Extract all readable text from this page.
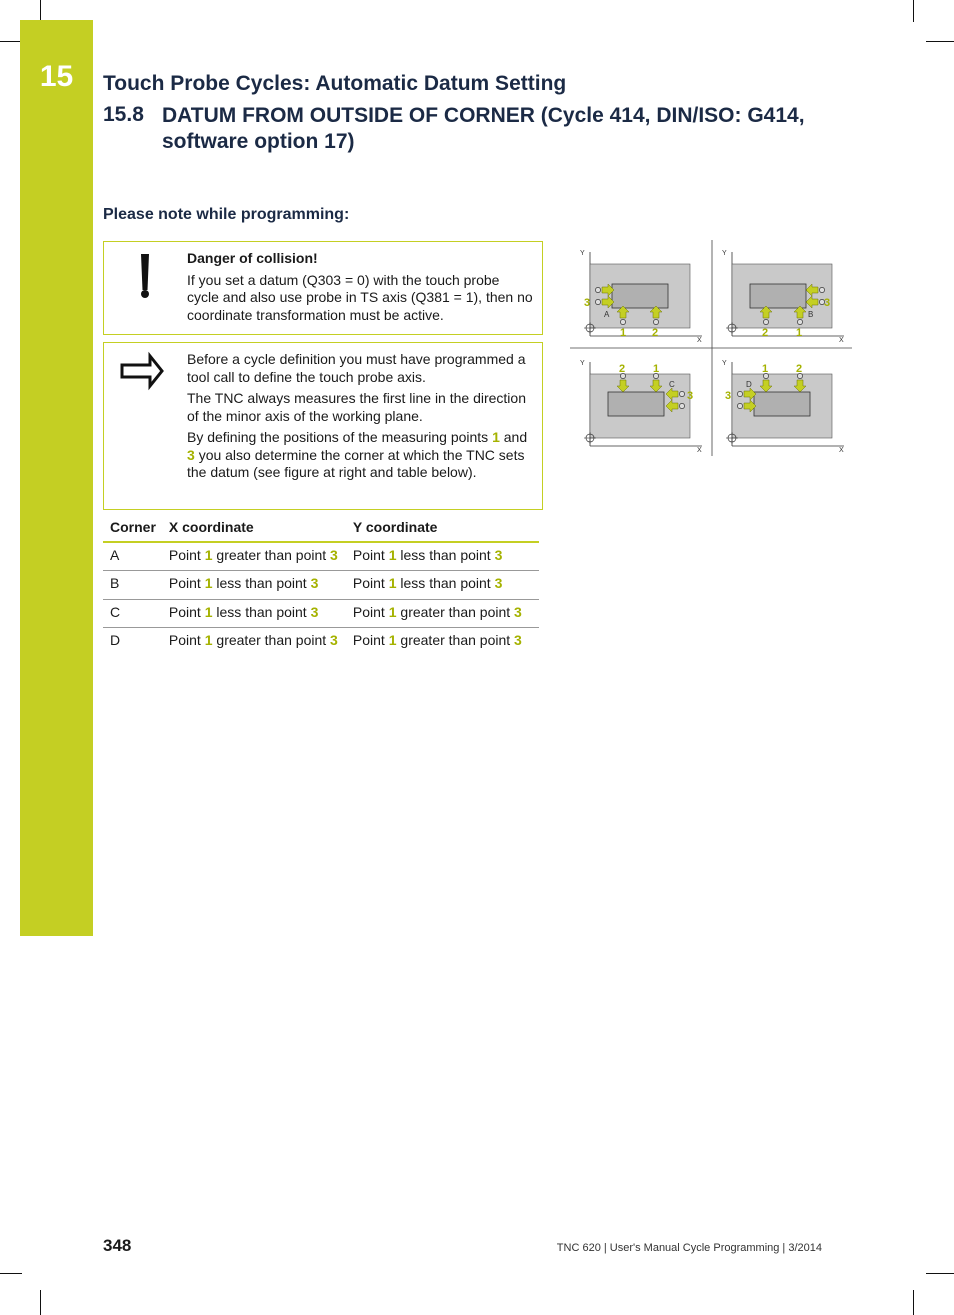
15	Touch Probe Cycles: Automatic Datum Setting
15.8 DATUM FROM OUTSIDE OF CORNER (Cycle 414, DIN/ISO: G414, software option 17)
Please note while programming:

Danger of collision!

If you set a datum (Q303 = 0) with the touch probe cycle and also use probe in TS axis (Q381 = 1), then no coordinate transformation must be active.

Before a cycle definition you must have programmed a tool call to define the touch probe axis.

The TNC always measures the first line in the direction of the minor axis of the working plane.

By defining the positions of the measuring points 1 and 3 you also determine the corner at which the TNC sets the datum (see figure at right and table below).

Corner	X coordinate	Y coordinate
A	Point 1 greater than point 3	Point 1 less than point 3
B	Point 1 less than point 3	Point 1 less than point 3
C	Point 1 less than point 3	Point 1 greater than point 3
D	Point 1 greater than point 3	Point 1 greater than point 3
Y
X
3
1 2
A
Y
X
3
2	1
B
Y
X
2	1
3
C
Y
X
1	2
3
D
348	TNC 620 | User's Manual Cycle Programming | 3/2014
